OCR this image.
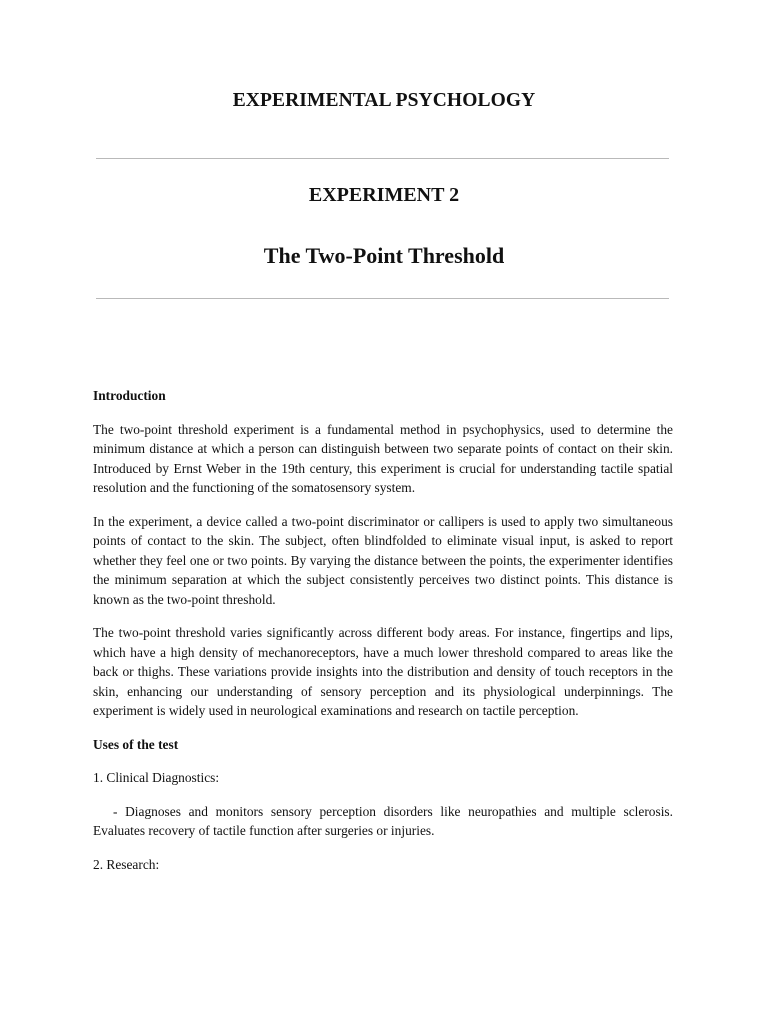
EXPERIMENTAL PSYCHOLOGY
EXPERIMENT 2
The Two-Point Threshold
Introduction
The two-point threshold experiment is a fundamental method in psychophysics, used to determine the minimum distance at which a person can distinguish between two separate points of contact on their skin. Introduced by Ernst Weber in the 19th century, this experiment is crucial for understanding tactile spatial resolution and the functioning of the somatosensory system.
In the experiment, a device called a two-point discriminator or callipers is used to apply two simultaneous points of contact to the skin. The subject, often blindfolded to eliminate visual input, is asked to report whether they feel one or two points. By varying the distance between the points, the experimenter identifies the minimum separation at which the subject consistently perceives two distinct points. This distance is known as the two-point threshold.
The two-point threshold varies significantly across different body areas. For instance, fingertips and lips, which have a high density of mechanoreceptors, have a much lower threshold compared to areas like the back or thighs. These variations provide insights into the distribution and density of touch receptors in the skin, enhancing our understanding of sensory perception and its physiological underpinnings. The experiment is widely used in neurological examinations and research on tactile perception.
Uses of the test
1. Clinical Diagnostics:
- Diagnoses and monitors sensory perception disorders like neuropathies and multiple sclerosis. Evaluates recovery of tactile function after surgeries or injuries.
2. Research:
